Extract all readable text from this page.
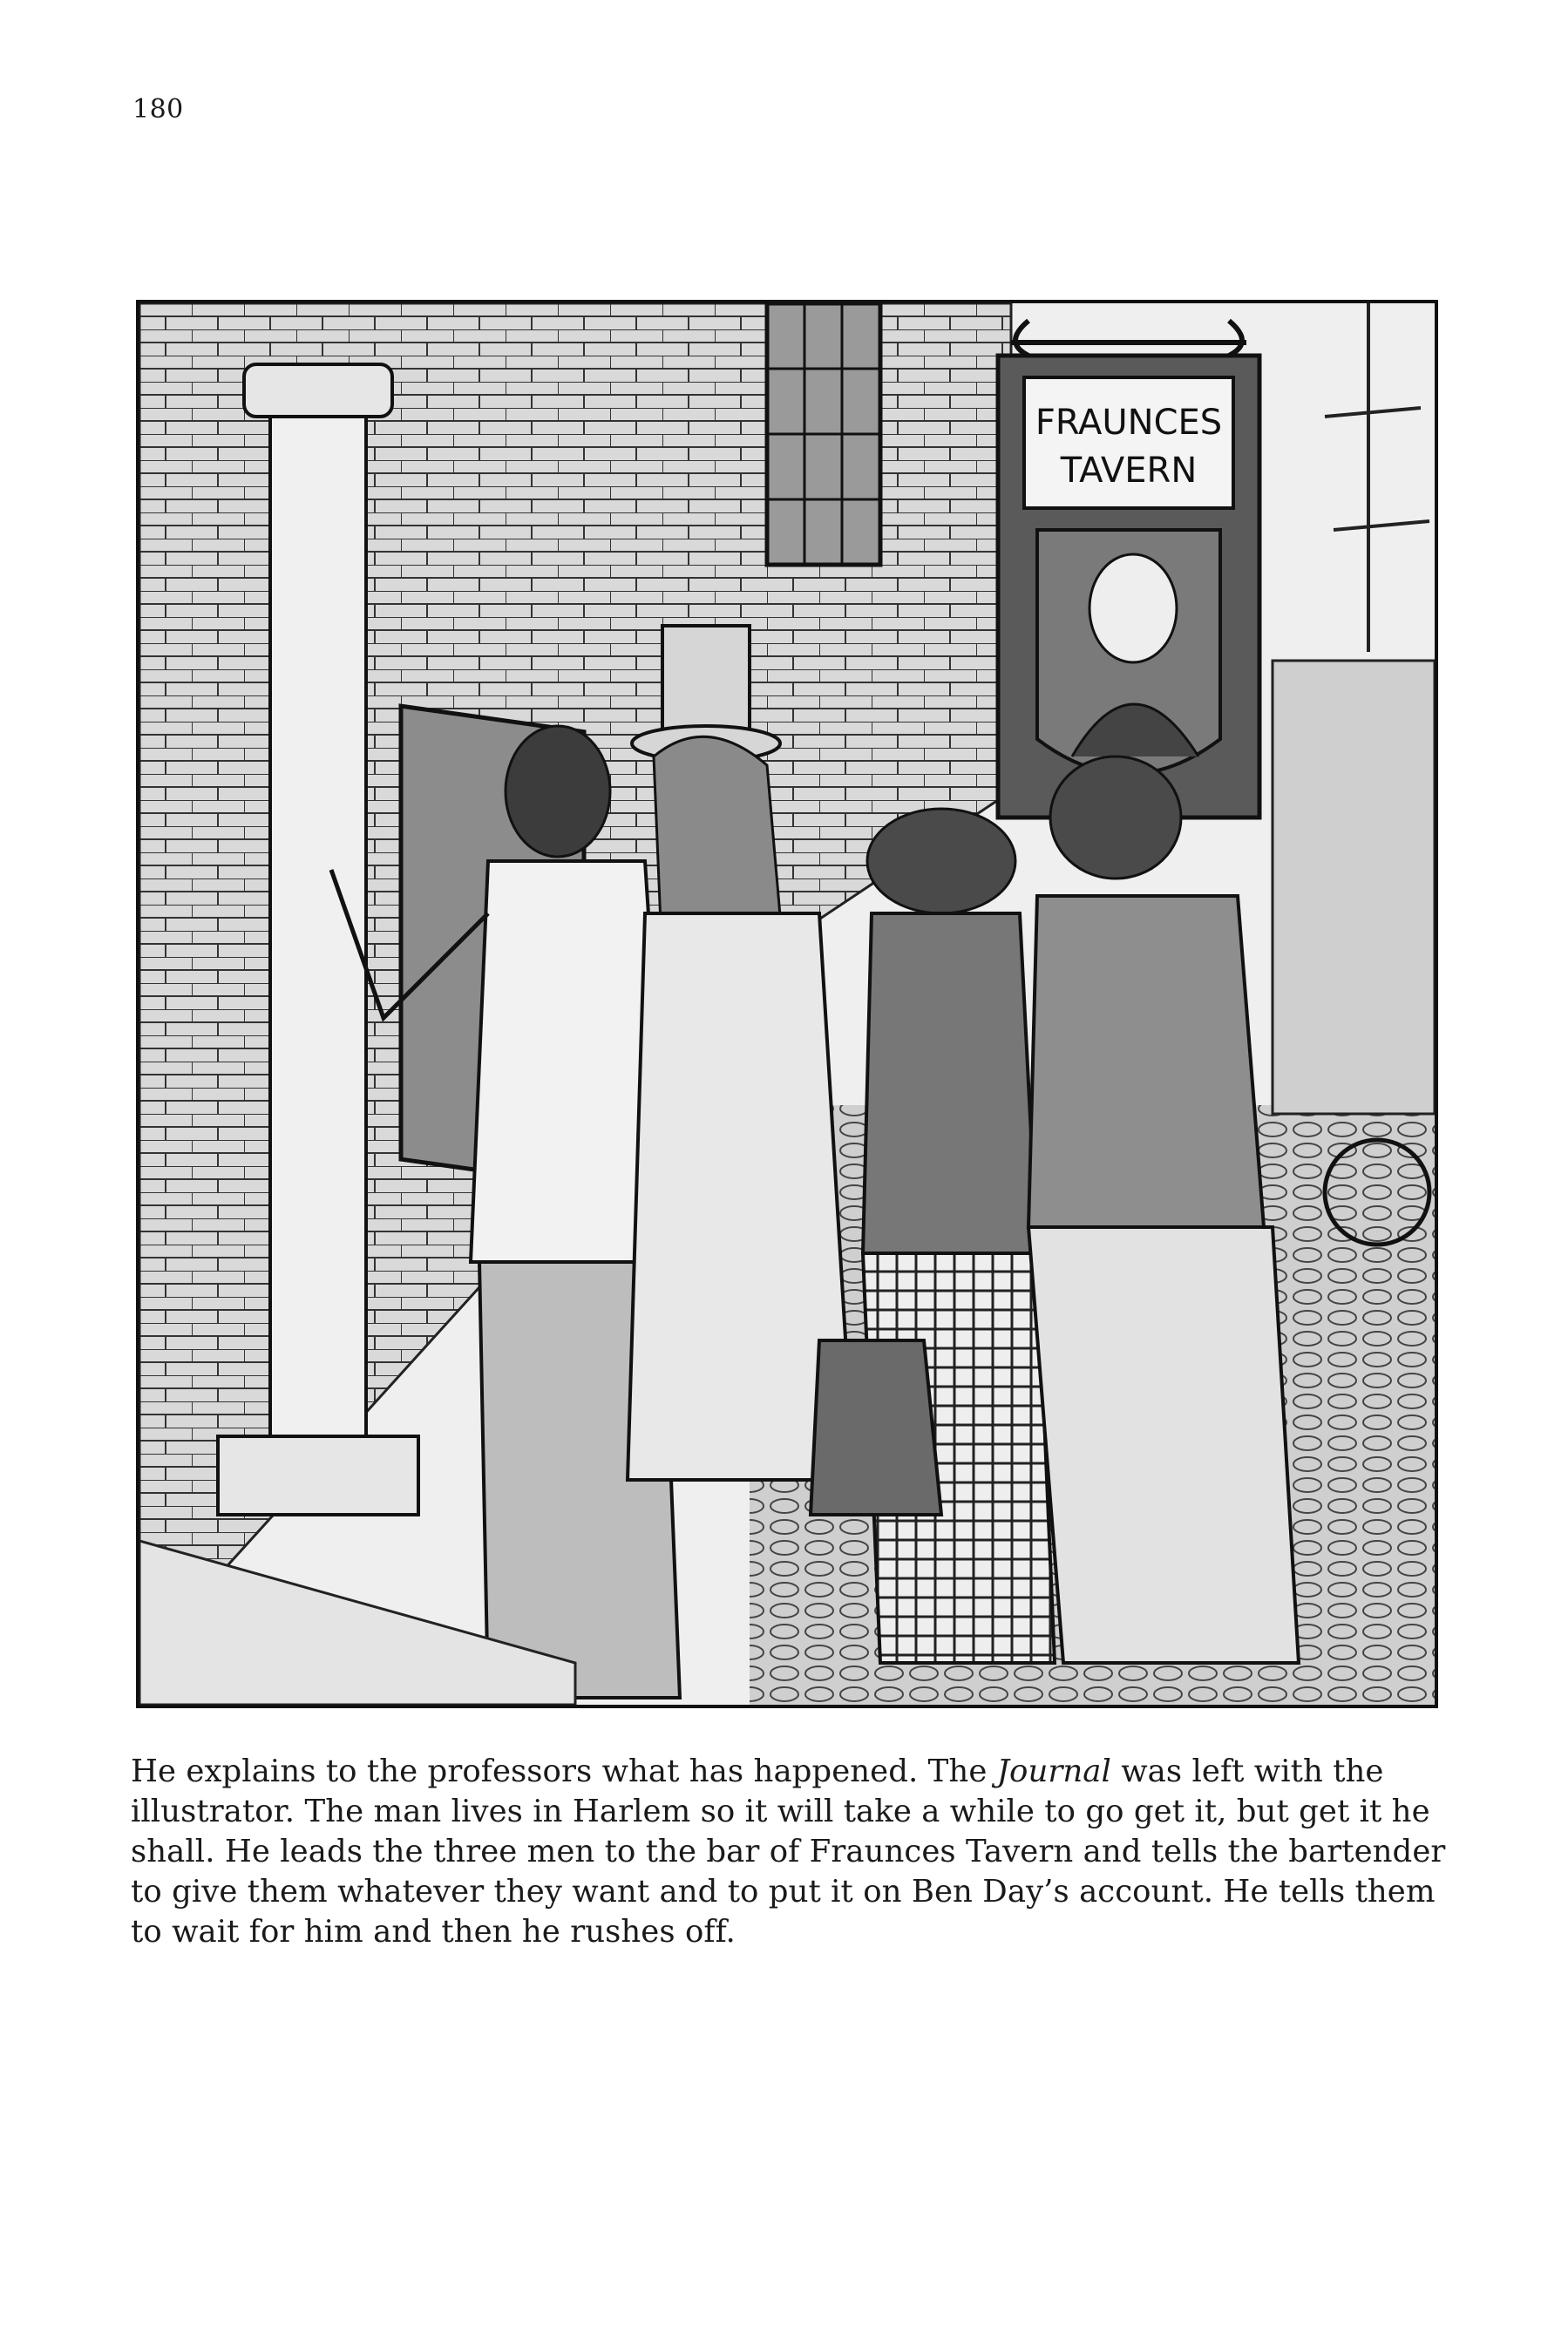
180
FRAUNCES
TAVERN

He explains to the professors what has happened. The Journal was left with the illustrator. The man lives in Harlem so it will take a while to go get it, but get it he shall. He leads the three men to the bar of Fraunces Tavern and tells the bartender to give them whatever they want and to put it on Ben Day’s account. He tells them to wait for him and then he rushes off.
